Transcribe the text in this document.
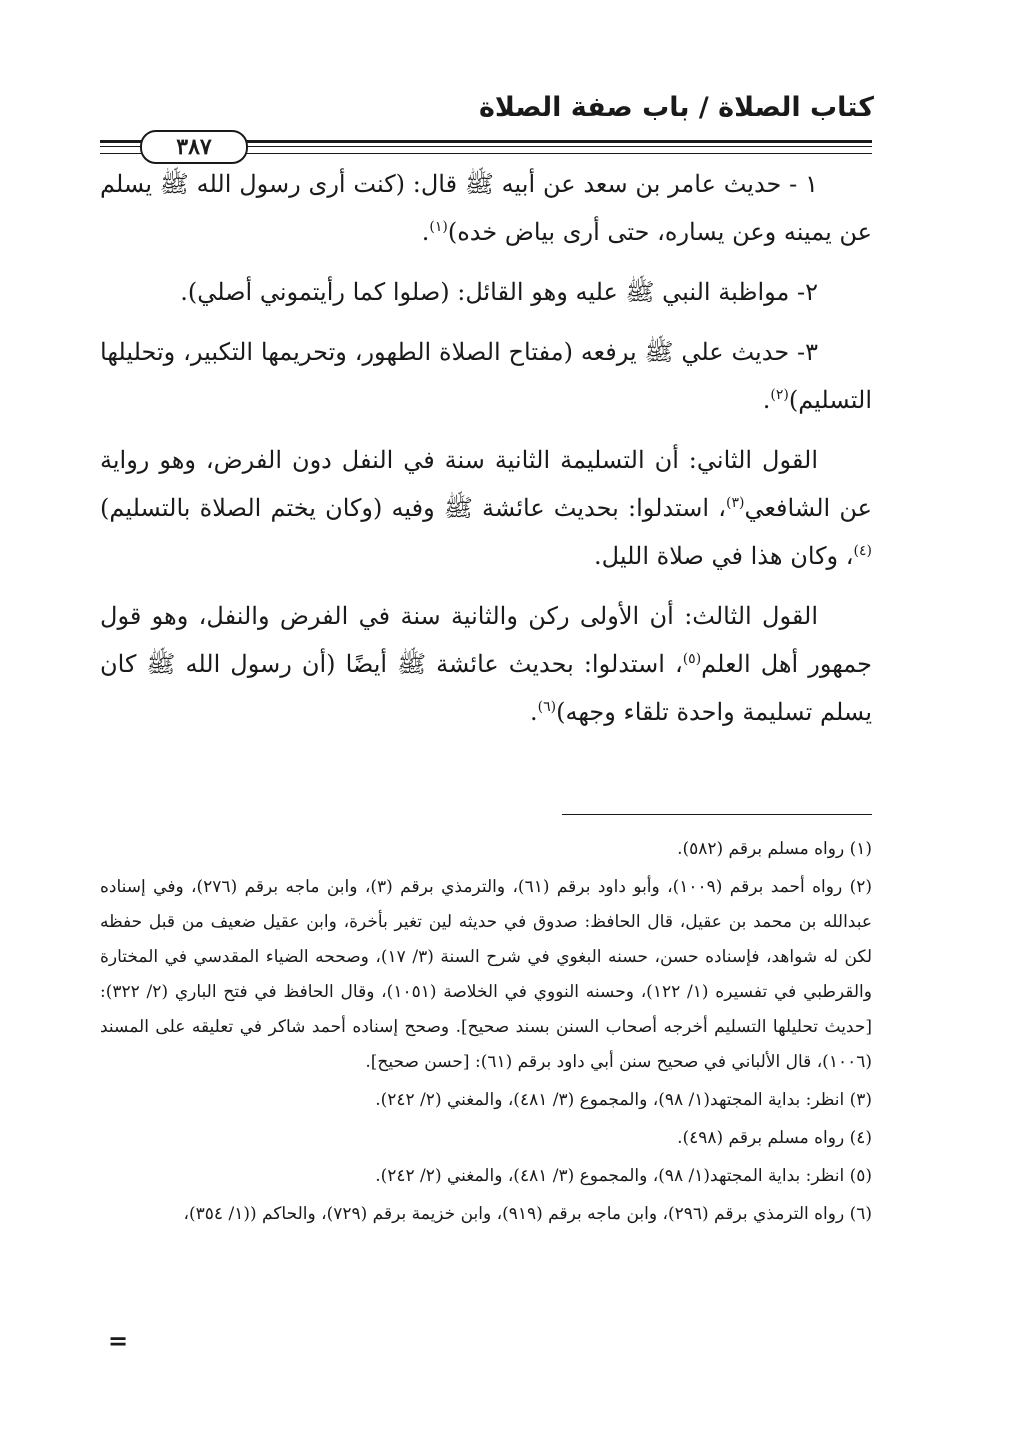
كتاب الصلاة / باب صفة الصلاة
٣٨٧

١ - حديث عامر بن سعد عن أبيه ﷺ قال: (كنت أرى رسول الله ﷺ يسلم عن يمينه وعن يساره، حتى أرى بياض خده)$^{(١)}$.

٢- مواظبة النبي ﷺ عليه وهو القائل: (صلوا كما رأيتموني أصلي).

٣- حديث علي ﷺ يرفعه (مفتاح الصلاة الطهور، وتحريمها التكبير، وتحليلها التسليم)$^{(٢)}$.

القول الثاني: أن التسليمة الثانية سنة في النفل دون الفرض، وهو رواية عن الشافعي$^{(٣)}$، استدلوا: بحديث عائشة ﷺ وفيه (وكان يختم الصلاة بالتسليم)$^{(٤)}$، وكان هذا في صلاة الليل.

القول الثالث: أن الأولى ركن والثانية سنة في الفرض والنفل، وهو قول جمهور أهل العلم$^{(٥)}$، استدلوا: بحديث عائشة ﷺ أيضًا (أن رسول الله ﷺ كان يسلم تسليمة واحدة تلقاء وجهه)$^{(٦)}$.

(١) رواه مسلم برقم (٥٨٢).

(٢) رواه أحمد برقم (١٠٠٩)، وأبو داود برقم (٦١)، والترمذي برقم (٣)، وابن ماجه برقم (٢٧٦)، وفي إسناده عبدالله بن محمد بن عقيل، قال الحافظ: صدوق في حديثه لين تغير بأخرة، وابن عقيل ضعيف من قبل حفظه لكن له شواهد، فإسناده حسن، حسنه البغوي في شرح السنة (٣/ ١٧)، وصححه الضياء المقدسي في المختارة والقرطبي في تفسيره (١/ ١٢٢)، وحسنه النووي في الخلاصة (١٠٥١)، وقال الحافظ في فتح الباري (٢/ ٣٢٢): [حديث تحليلها التسليم أخرجه أصحاب السنن بسند صحيح]. وصحح إسناده أحمد شاكر في تعليقه على المسند (١٠٠٦)، قال الألباني في صحيح سنن أبي داود برقم (٦١): [حسن صحيح].

(٣) انظر: بداية المجتهد(١/ ٩٨)، والمجموع (٣/ ٤٨١)، والمغني (٢/ ٢٤٢).

(٤) رواه مسلم برقم (٤٩٨).

(٥) انظر: بداية المجتهد(١/ ٩٨)، والمجموع (٣/ ٤٨١)، والمغني (٢/ ٢٤٢).

(٦) رواه الترمذي برقم (٢٩٦)، وابن ماجه برقم (٩١٩)، وابن خزيمة برقم (٧٢٩)، والحاكم ((١/ ٣٥٤)،

=
